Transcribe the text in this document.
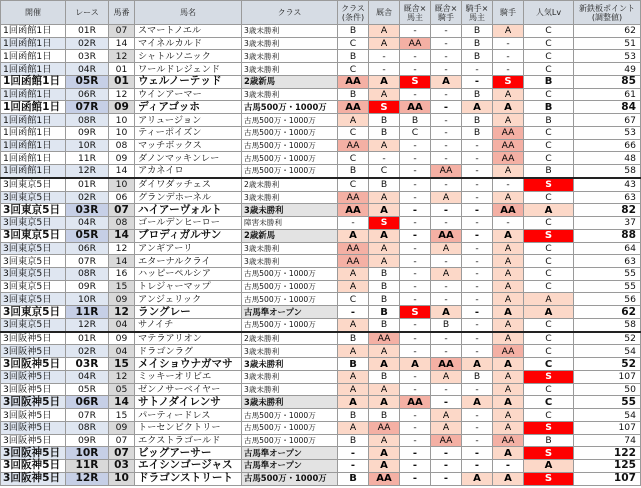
開催	レース	馬番	馬名	クラス	クラス
(条件)	厩舎	厩舎×
馬主	厩舎×
騎手	騎手×
馬主	騎手	人気Lv	新鉄板ポイント
(調整値)
1回函館1日	01R	07	スマートノエル	3歳未勝利	B	A	-	-	B	A	C	62
1回函館1日	02R	14	マイネルカルド	3歳未勝利	C	A	AA	-	B	-	C	51
1回函館1日	03R	12	シャトルソニック	3歳未勝利	B	-	-	-	B	-	C	53
1回函館1日	04R	01	ワールドレジェンド	3歳未勝利	C	-	-	-	-	-	C	49
1回函館1日	05R	01	ウェルノーテッド	2歳新馬	AA	A	S	A	-	S	B	85
1回函館1日	06R	12	ウインアーマー	3歳未勝利	B	A	-	-	B	A	C	61
1回函館1日	07R	09	ディアゴッホ	古馬500万・1000万	AA	S	AA	-	A	A	B	84
1回函館1日	08R	10	アリュージョン	古馬500万・1000万	A	B	B	-	B	A	B	67
1回函館1日	09R	10	ティーポイズン	古馬500万・1000万	C	B	C	-	B	AA	C	53
1回函館1日	10R	08	マッチボックス	古馬500万・1000万	AA	A	-	-	-	AA	C	66
1回函館1日	11R	09	ダノンマッキンレー	古馬500万・1000万	C	-	-	-	-	AA	C	48
1回函館1日	12R	14	アカネイロ	古馬500万・1000万	B	C	-	AA	-	A	B	58
3回東京5日	01R	10	ダイワダッチェス	2歳未勝利	C	B	-	-	-	-	S	43
3回東京5日	02R	06	グランデホーネル	3歳未勝利	AA	A	-	A	-	A	C	63
3回東京5日	03R	07	ハイアーヴォルト	3歳未勝利	AA	A	-	-	-	AA	A	82
3回東京5日	04R	08	ゴールデンヒーロー	障害未勝利	-	S	-	-	-	-	C	37
3回東京5日	05R	14	ブロディガルサン	2歳新馬	A	A	-	AA	-	A	S	88
3回東京5日	06R	12	アンギアーリ	3歳未勝利	AA	A	-	A	-	A	C	64
3回東京5日	07R	14	エターナルクライ	3歳未勝利	AA	A	-	-	-	A	C	63
3回東京5日	08R	16	ハッピーペルシア	古馬500万・1000万	A	B	-	A	-	A	C	55
3回東京5日	09R	15	トレジャーマップ	古馬500万・1000万	A	B	-	-	-	A	C	55
3回東京5日	10R	09	アンジェリック	古馬500万・1000万	C	B	-	-	-	A	A	56
3回東京5日	11R	12	ラングレー	古馬準オープン	-	B	S	A	-	A	A	62
3回東京5日	12R	04	サノイチ	古馬500万・1000万	A	B	-	B	-	A	C	58
3回阪神5日	01R	09	マテラアリオン	2歳未勝利	B	AA	-	-	-	A	C	52
3回阪神5日	02R	04	ドラゴンラグ	3歳未勝利	A	A	-	-	-	AA	C	54
3回阪神5日	03R	15	メイショウナガマサ	3歳未勝利	B	A	A	AA	A	A	C	52
3回阪神5日	04R	12	ミッキーオリビエ	3歳未勝利	A	B	-	A	B	A	S	107
3回阪神5日	05R	05	ゼンノサーベイヤー	3歳未勝利	A	A	-	-	-	A	C	50
3回阪神5日	06R	14	サトノダイレンサ	3歳未勝利	A	A	AA	-	A	A	C	55
3回阪神5日	07R	15	パーティードレス	古馬500万・1000万	B	B	-	A	-	A	C	54
3回阪神5日	08R	09	トーセンビクトリー	古馬500万・1000万	A	AA	-	A	-	A	S	107
3回阪神5日	09R	07	エクストラゴールド	古馬500万・1000万	B	A	-	AA	-	AA	B	74
3回阪神5日	10R	07	ビッグアーサー	古馬準オープン	-	A	-	-	-	A	S	122
3回阪神5日	11R	03	エイシンゴージャス	古馬準オープン	-	A	-	-	-	-	A	125
3回阪神5日	12R	10	ドラゴンストリート	古馬500万・1000万	B	AA	-	-	A	A	S	107
